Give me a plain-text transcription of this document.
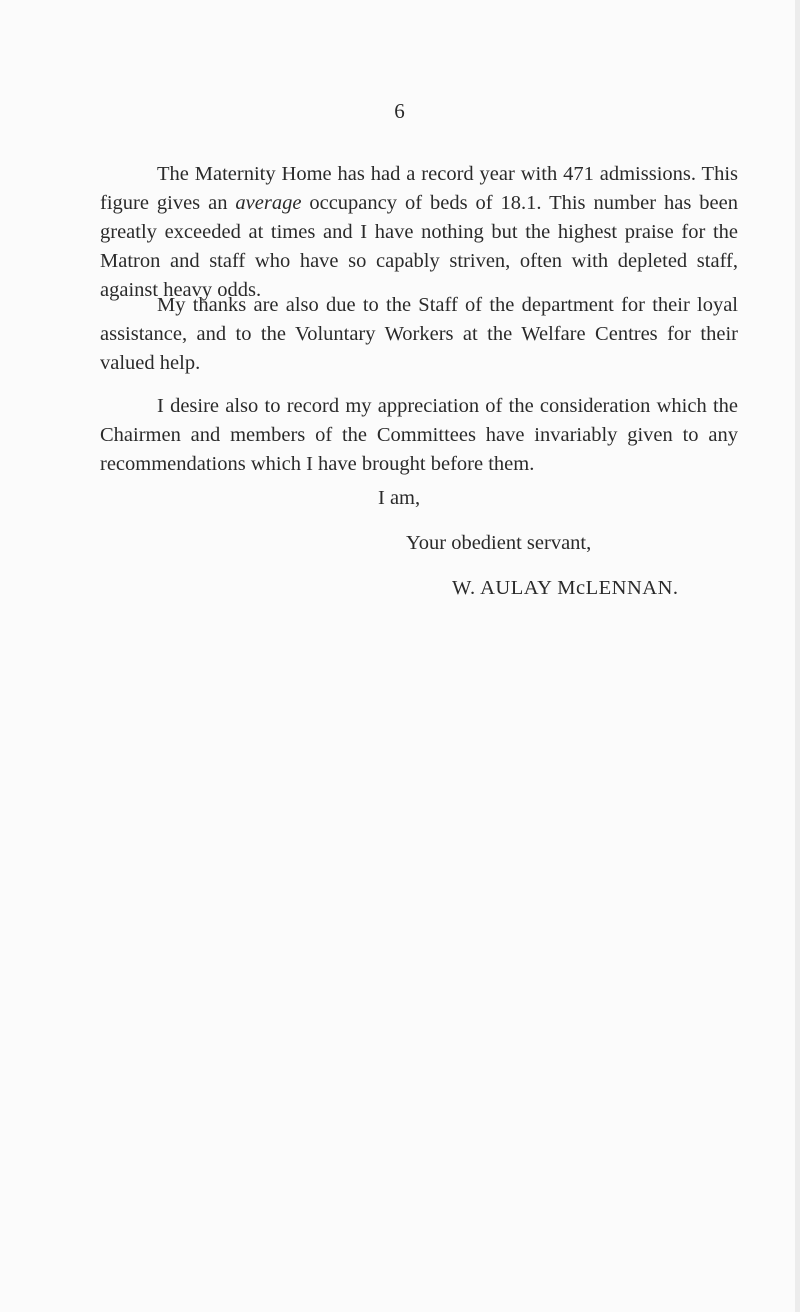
6

The Maternity Home has had a record year with 471 admissions. This figure gives an average occupancy of beds of 18.1. This number has been greatly exceeded at times and I have nothing but the highest praise for the Matron and staff who have so capably striven, often with depleted staff, against heavy odds.

My thanks are also due to the Staff of the department for their loyal assistance, and to the Voluntary Workers at the Welfare Centres for their valued help.

I desire also to record my appreciation of the consideration which the Chairmen and members of the Committees have invariably given to any recommendations which I have brought before them.

I am,
Your obedient servant,
W. AULAY McLENNAN.
